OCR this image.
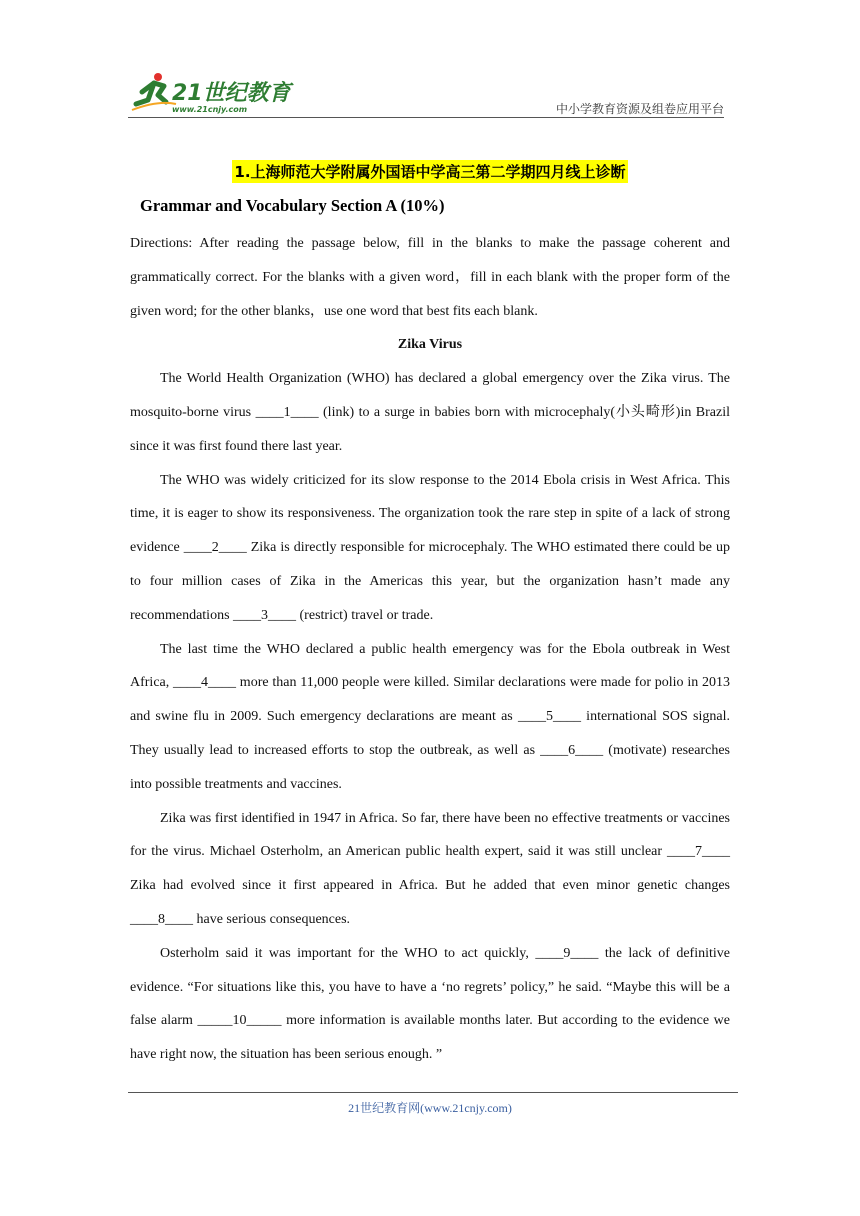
21世纪教育
www.21cnjy.com	中小学教育资源及组卷应用平台
1.上海师范大学附属外国语中学高三第二学期四月线上诊断
Grammar and Vocabulary Section A (10%)

Directions: After reading the passage below, fill in the blanks to make the passage coherent and grammatically correct. For the blanks with a given word，fill in each blank with the proper form of the given word; for the other blanks，use one word that best fits each blank.

Zika Virus

The World Health Organization (WHO) has declared a global emergency over the Zika virus. The mosquito-borne virus ____1____ (link) to a surge in babies born with microcephaly(小头畸形)in Brazil since it was first found there last year.

The WHO was widely criticized for its slow response to the 2014 Ebola crisis in West Africa. This time, it is eager to show its responsiveness. The organization took the rare step in spite of a lack of strong evidence ____2____ Zika is directly responsible for microcephaly. The WHO estimated there could be up to four million cases of Zika in the Americas this year, but the organization hasn’t made any recommendations ____3____ (restrict) travel or trade.

The last time the WHO declared a public health emergency was for the Ebola outbreak in West Africa, ____4____ more than 11,000 people were killed. Similar declarations were made for polio in 2013 and swine flu in 2009. Such emergency declarations are meant as ____5____ international SOS signal. They usually lead to increased efforts to stop the outbreak, as well as ____6____ (motivate) researches into possible treatments and vaccines.

Zika was first identified in 1947 in Africa. So far, there have been no effective treatments or vaccines for the virus. Michael Osterholm, an American public health expert, said it was still unclear ____7____ Zika had evolved since it first appeared in Africa. But he added that even minor genetic changes ____8____ have serious consequences.

Osterholm said it was important for the WHO to act quickly, ____9____ the lack of definitive evidence. “For situations like this, you have to have a ‘no regrets’ policy,” he said. “Maybe this will be a false alarm _____10_____ more information is available months later. But according to the evidence we have right now, the situation has been serious enough. ”

21世纪教育网(www.21cnjy.com)
